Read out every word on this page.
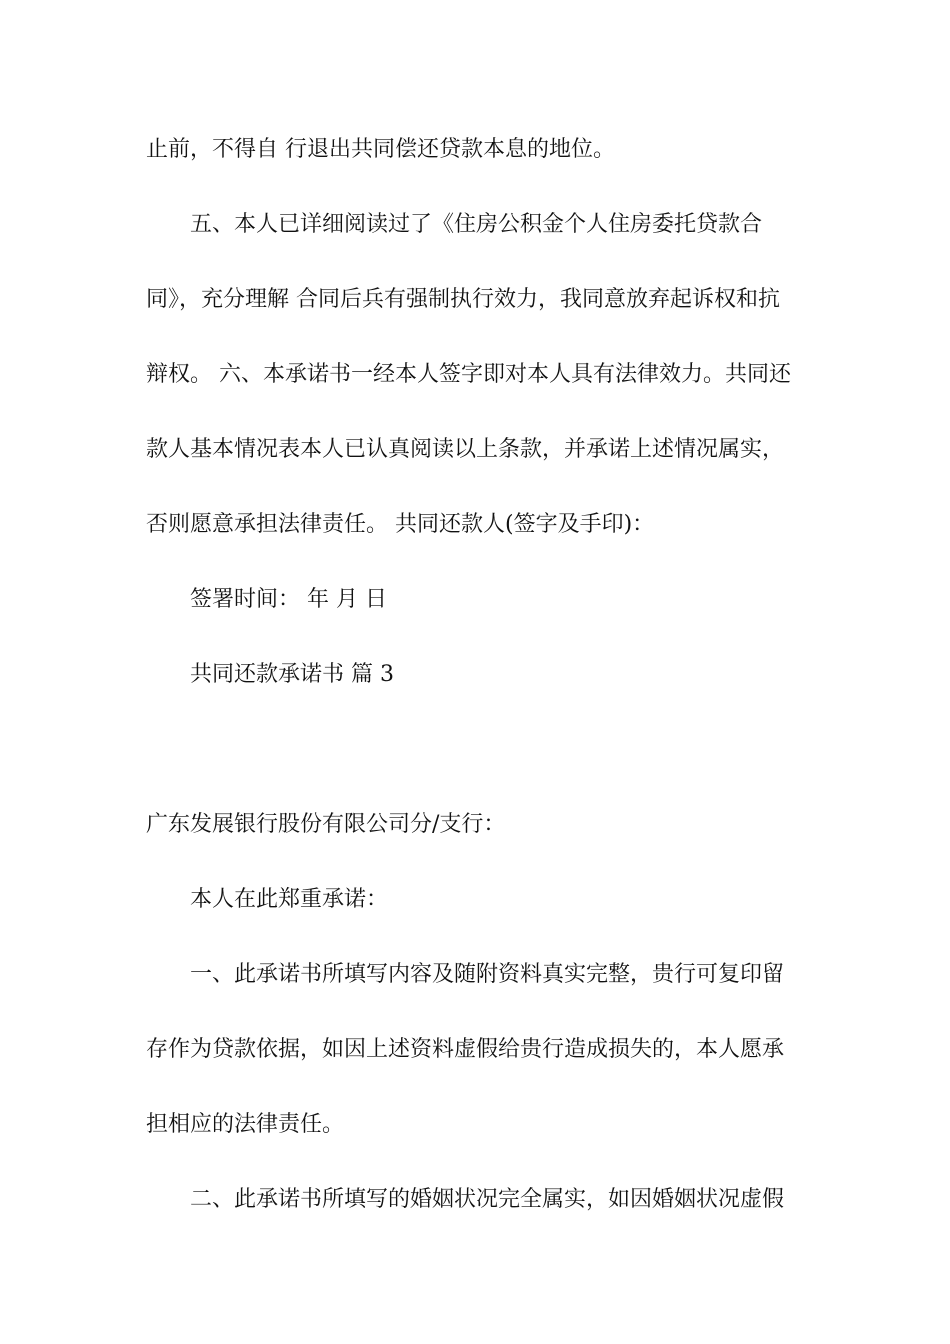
止前，不得自 行退出共同偿还贷款本息的地位。
五、本人已详细阅读过了《住房公积金个人住房委托贷款合
同》，充分理解 合同后兵有强制执行效力，我同意放弃起诉权和抗
辩权。 六、本承诺书一经本人签字即对本人具有法律效力。共同还
款人基本情况表本人已认真阅读以上条款，并承诺上述情况属实，
否则愿意承担法律责任。 共同还款人(签字及手印)：
签署时间： 年 月 日
共同还款承诺书 篇 3
广东发展银行股份有限公司分/支行：
本人在此郑重承诺：
一、此承诺书所填写内容及随附资料真实完整，贵行可复印留
存作为贷款依据，如因上述资料虚假给贵行造成损失的，本人愿承
担相应的法律责任。
二、此承诺书所填写的婚姻状况完全属实，如因婚姻状况虚假
